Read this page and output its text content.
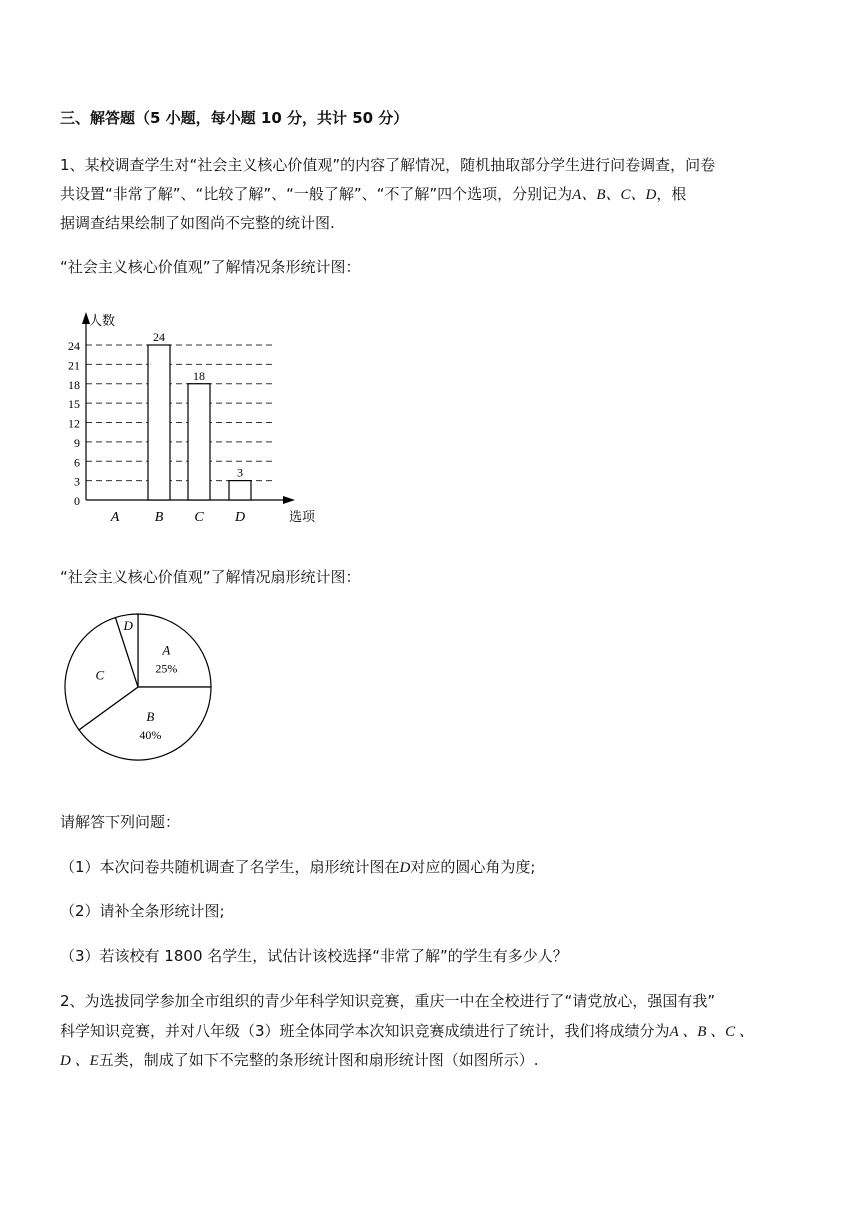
三、解答题（5 小题，每小题 10 分，共计 50 分）
1、某校调查学生对“社会主义核心价值观”的内容了解情况，随机抽取部分学生进行问卷调查，问卷
共设置“非常了解”、“比较了解”、“一般了解”、“不了解”四个选项，分别记为A、B、C、D，根
据调查结果绘制了如图尚不完整的统计图.
“社会主义核心价值观”了解情况条形统计图：
0
3
6
9
12
15
18
21
24
人数
选项
A
24
B
18
C
3
D
“社会主义核心价值观”了解情况扇形统计图：
A
25%
B
40%
C
D
请解答下列问题：
（1）本次问卷共随机调查了名学生，扇形统计图在D对应的圆心角为度;
（2）请补全条形统计图;
（3）若该校有 1800 名学生，试估计该校选择“非常了解”的学生有多少人？
2、为选拔同学参加全市组织的青少年科学知识竞赛，重庆一中在全校进行了“请党放心，强国有我”
科学知识竞赛，并对八年级（3）班全体同学本次知识竞赛成绩进行了统计，我们将成绩分为A 、B 、C 、
D 、E五类，制成了如下不完整的条形统计图和扇形统计图（如图所示）.
